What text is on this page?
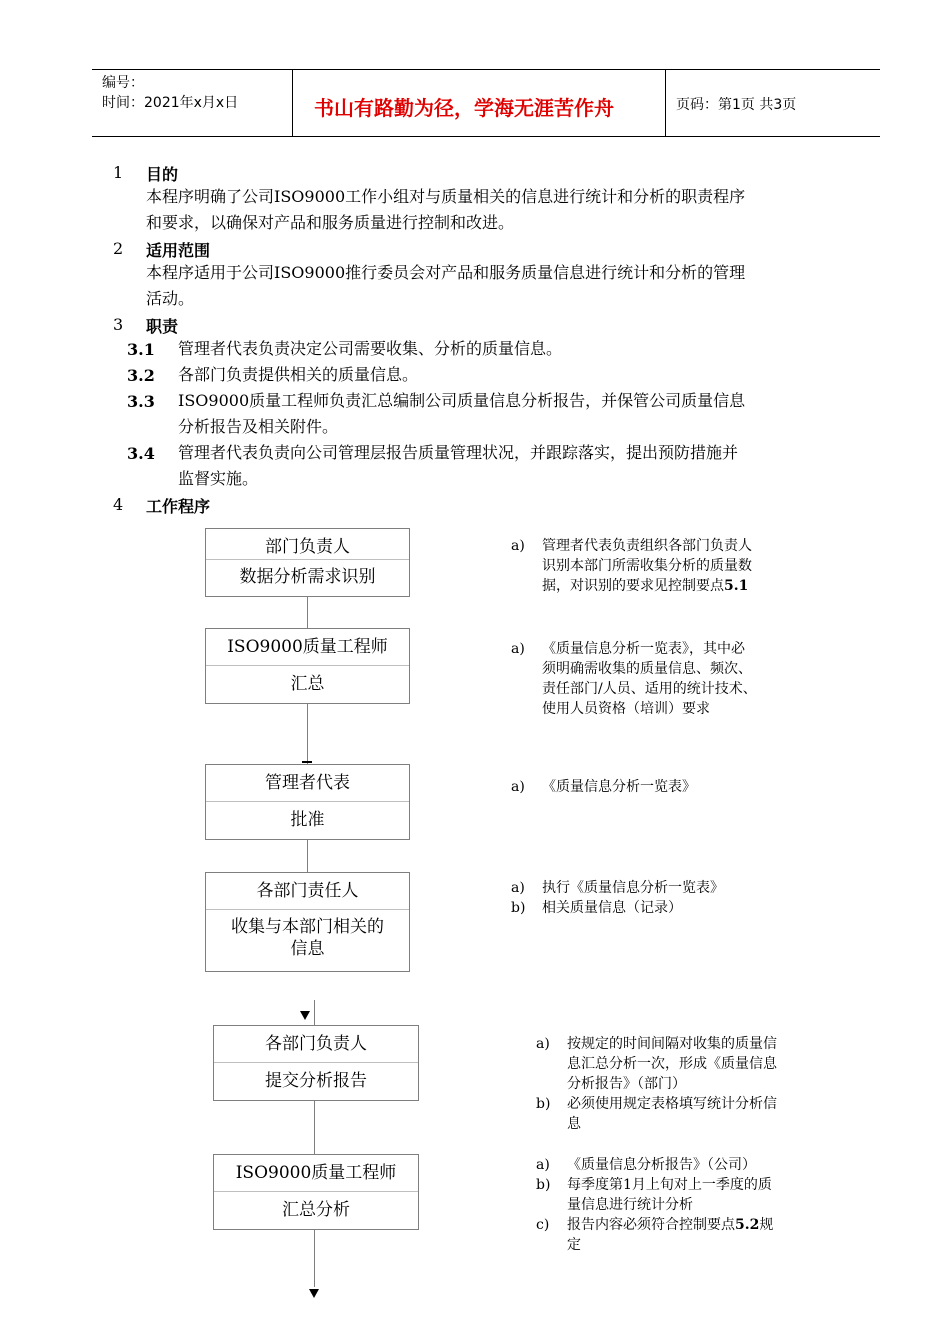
编号：
时间：2021年x月x日	书山有路勤为径，学海无涯苦作舟	页码：第1页 共3页
1 目的
本程序明确了公司ISO9000工作小组对与质量相关的信息进行统计和分析的职责程序
和要求，以确保对产品和服务质量进行控制和改进。
2 适用范围
本程序适用于公司ISO9000推行委员会对产品和服务质量信息进行统计和分析的管理
活动。
3 职责
3.1 管理者代表负责决定公司需要收集、分析的质量信息。
3.2 各部门负责提供相关的质量信息。
3.3 ISO9000质量工程师负责汇总编制公司质量信息分析报告，并保管公司质量信息
分析报告及相关附件。
3.4 管理者代表负责向公司管理层报告质量管理状况，并跟踪落实，提出预防措施并
监督实施。
4 工作程序
部门负责人
数据分析需求识别
ISO9000质量工程师
汇总
管理者代表
批准
各部门责任人
收集与本部门相关的
信息
各部门负责人
提交分析报告
ISO9000质量工程师
汇总分析
a) 管理者代表负责组织各部门负责人
识别本部门所需收集分析的质量数
据，对识别的要求见控制要点5.1
a) 《质量信息分析一览表》，其中必
须明确需收集的质量信息、频次、
责任部门/人员、适用的统计技术、
使用人员资格（培训）要求
a) 《质量信息分析一览表》
a) 执行《质量信息分析一览表》
b) 相关质量信息（记录）
a) 按规定的时间间隔对收集的质量信
息汇总分析一次，形成《质量信息
分析报告》（部门）
b) 必须使用规定表格填写统计分析信
息
a) 《质量信息分析报告》（公司）
b) 每季度第1月上旬对上一季度的质
量信息进行统计分析
c) 报告内容必须符合控制要点5.2规
定
